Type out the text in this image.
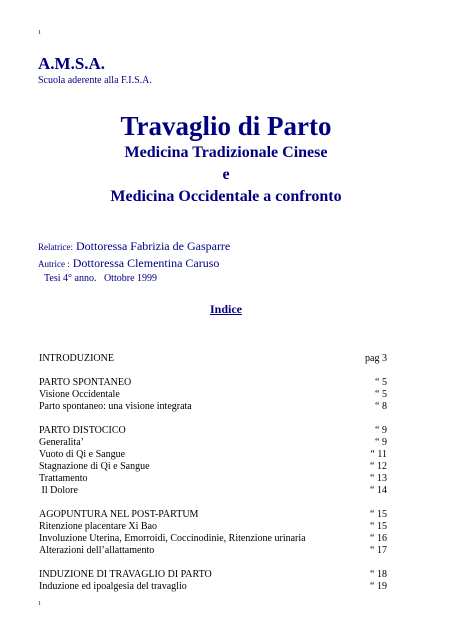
1
A.M.S.A.
Scuola aderente alla F.I.S.A.
Travaglio di Parto
Medicina Tradizionale Cinese
e
Medicina Occidentale a confronto
Relatrice: Dottoressa Fabrizia de Gasparre
Autrice : Dottoressa Clementina Caruso
Tesi 4° anno.   Ottobre 1999
Indice
INTRODUZIONE	pag 3
PARTO SPONTANEO	“ 5
Visione Occidentale	“ 5
Parto spontaneo: una visione integrata	“ 8
PARTO DISTOCICO	“ 9
Generalita’	“ 9
Vuoto di Qi e Sangue	“ 11
Stagnazione di Qi e Sangue	“ 12
Trattamento	“ 13
Il Dolore	“ 14
AGOPUNTURA NEL POST-PARTUM	“ 15
Ritenzione placentare Xi Bao	“ 15
Involuzione Uterina, Emorroidi, Coccinodinie, Ritenzione urinaria	“ 16
Alterazioni dell’allattamento	“ 17
INDUZIONE DI TRAVAGLIO DI PARTO	“ 18
Induzione ed ipoalgesia del travaglio	“ 19
1
